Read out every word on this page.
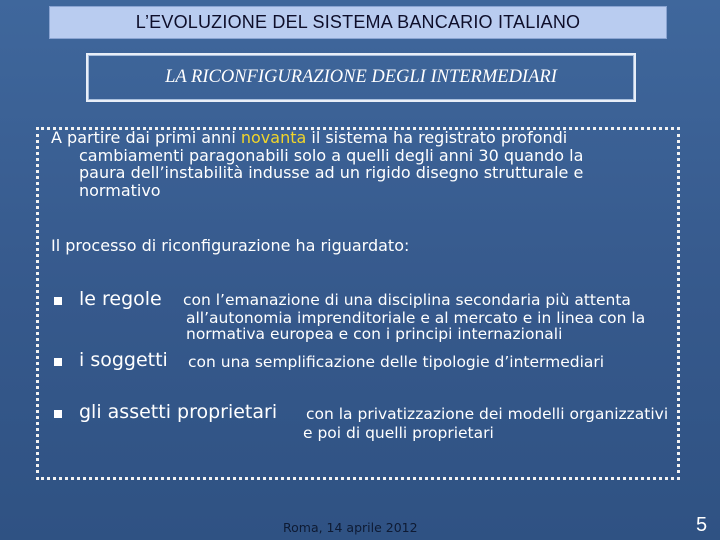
L’EVOLUZIONE DEL SISTEMA BANCARIO ITALIANO
LA RICONFIGURAZIONE DEGLI INTERMEDIARI
A partire dai primi anni novanta il sistema ha registrato profondi
cambiamenti paragonabili solo a quelli degli anni 30 quando la
paura dell’instabilità indusse ad un rigido disegno strutturale e
normativo
Il processo di riconfigurazione ha riguardato:
le regole con l’emanazione di una disciplina secondaria più attenta
all’autonomia imprenditoriale e al mercato e in linea con la
normativa europea e con i principi internazionali
i soggetti con una semplificazione delle tipologie d’intermediari
gli assetti proprietari con la privatizzazione dei modelli organizzativi
e poi di quelli proprietari
Roma, 14 aprile 2012	5
